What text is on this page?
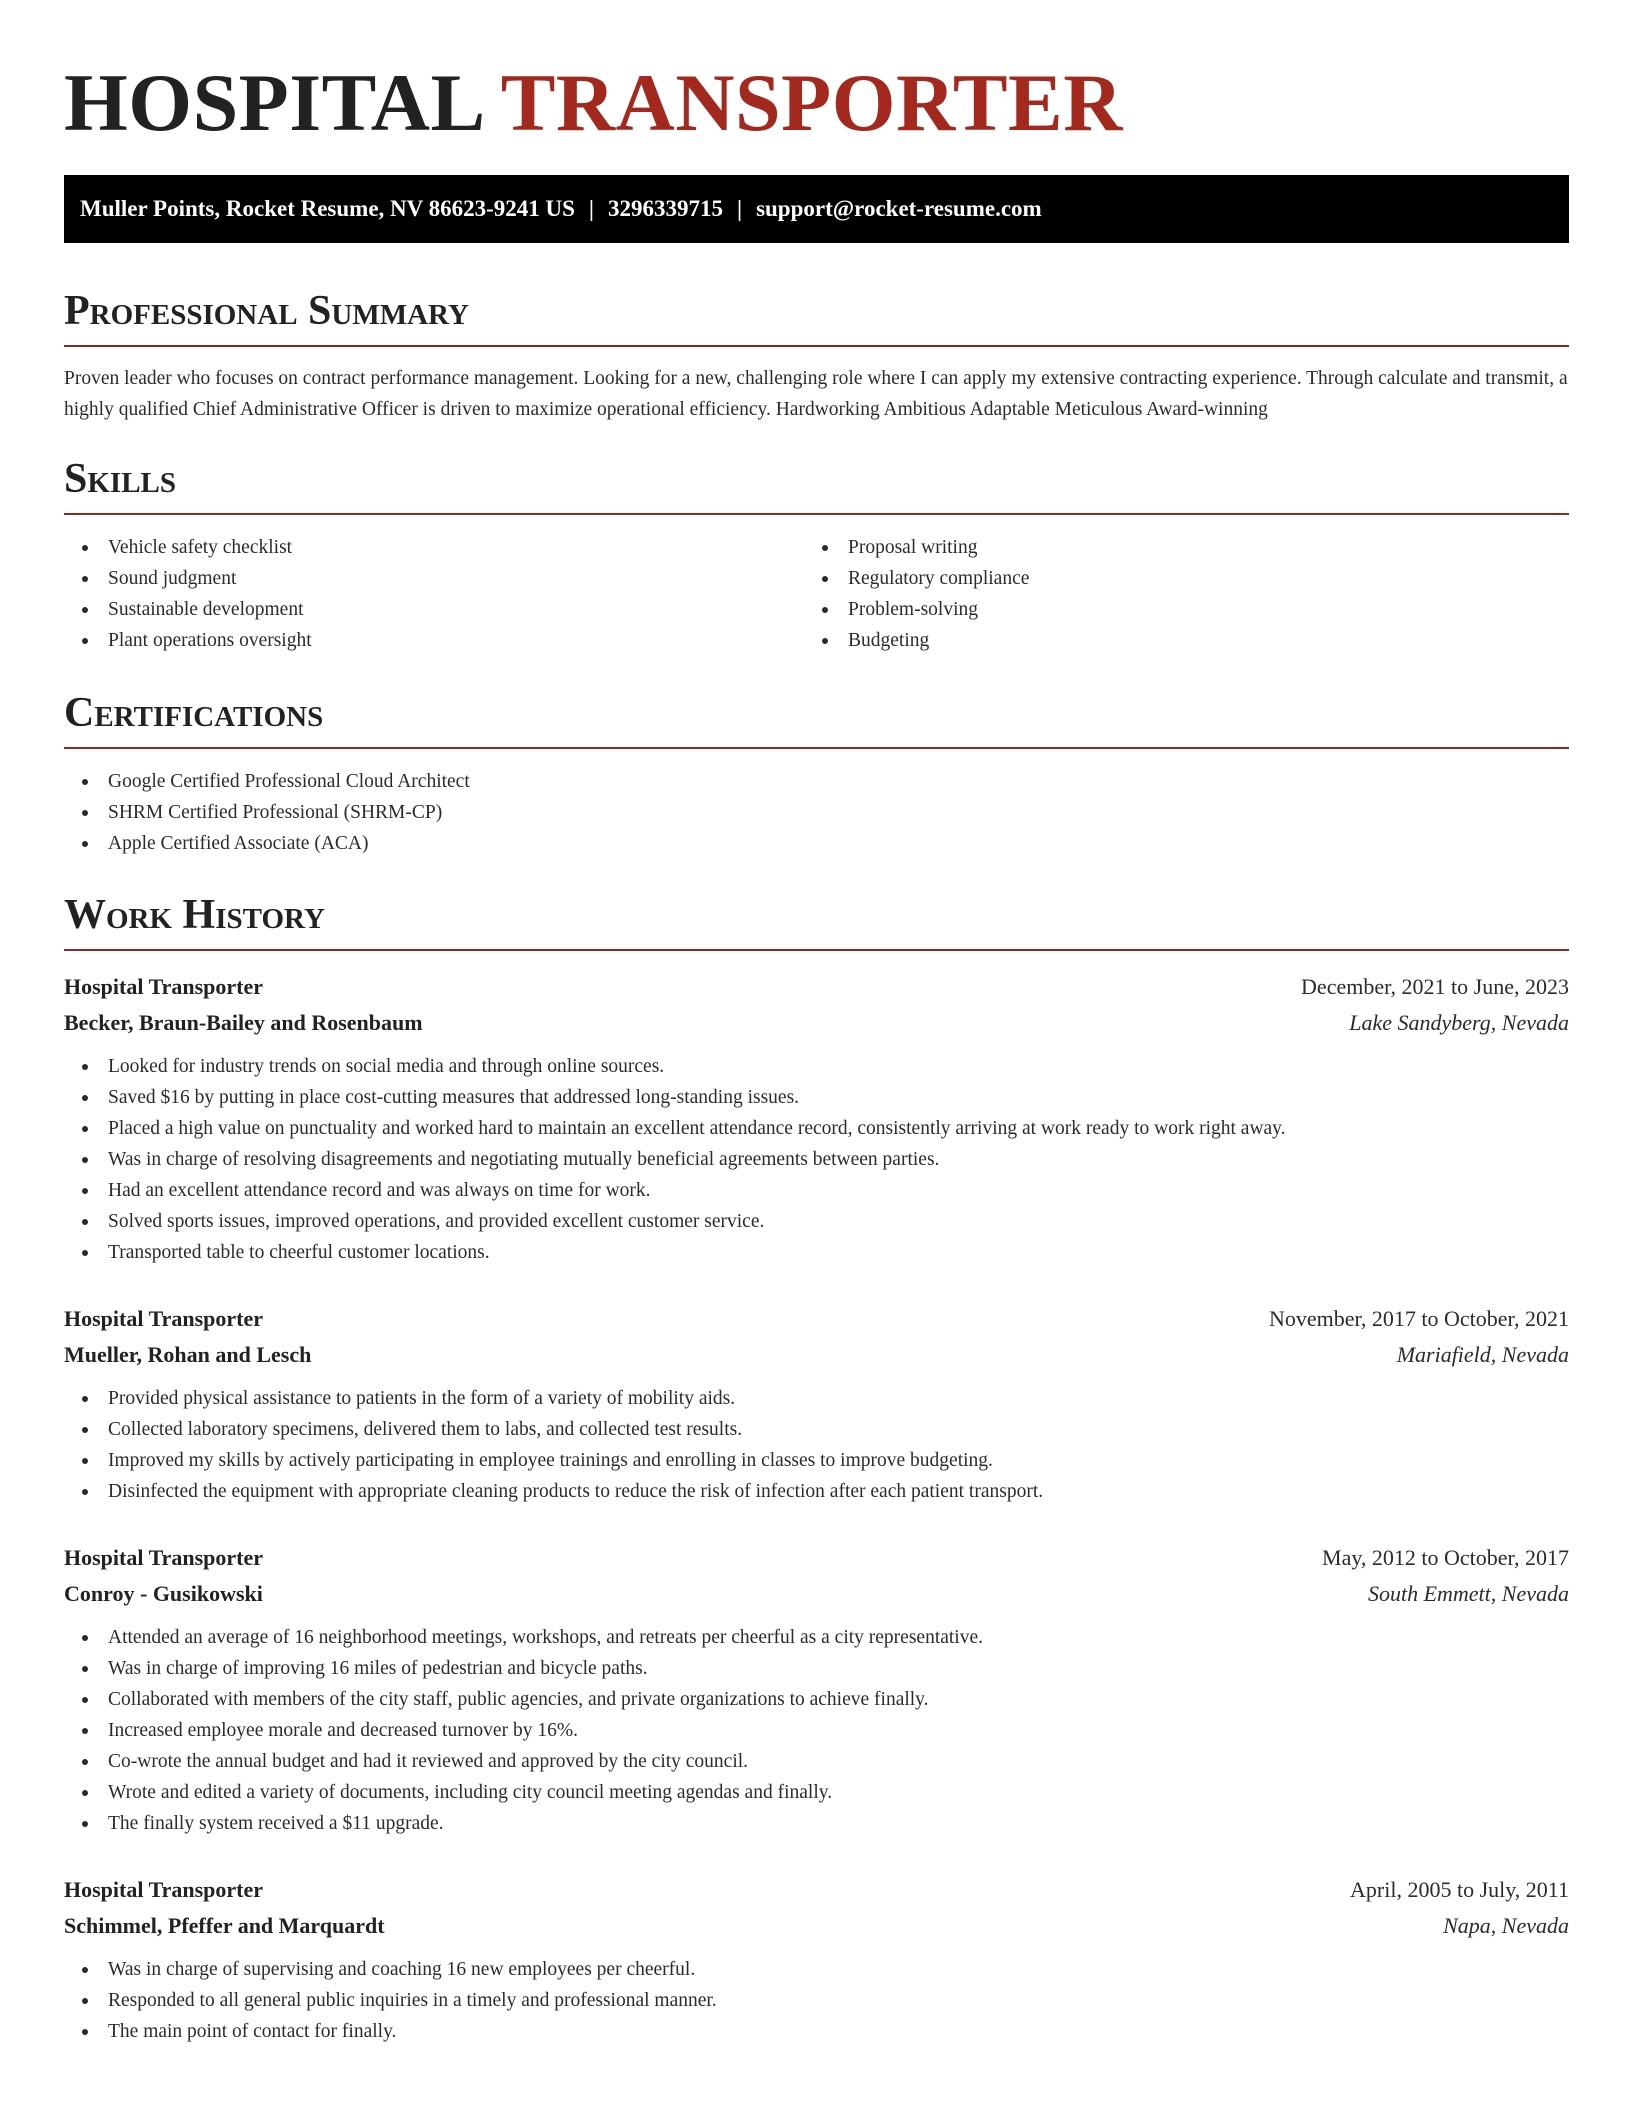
HOSPITAL TRANSPORTER
Muller Points, Rocket Resume, NV 86623-9241 US | 3296339715 | support@rocket-resume.com
Professional Summary

Proven leader who focuses on contract performance management. Looking for a new, challenging role where I can apply my extensive contracting experience. Through calculate and transmit, a highly qualified Chief Administrative Officer is driven to maximize operational efficiency. Hardworking Ambitious Adaptable Meticulous Award-winning

Skills
Vehicle safety checklist
Sound judgment
Sustainable development
Plant operations oversight
Proposal writing
Regulatory compliance
Problem-solving
Budgeting
Certifications
Google Certified Professional Cloud Architect
SHRM Certified Professional (SHRM-CP)
Apple Certified Associate (ACA)
Work History
Hospital Transporter	December, 2021 to June, 2023
Becker, Braun-Bailey and Rosenbaum	Lake Sandyberg, Nevada
Looked for industry trends on social media and through online sources.
Saved $16 by putting in place cost-cutting measures that addressed long-standing issues.
Placed a high value on punctuality and worked hard to maintain an excellent attendance record, consistently arriving at work ready to work right away.
Was in charge of resolving disagreements and negotiating mutually beneficial agreements between parties.
Had an excellent attendance record and was always on time for work.
Solved sports issues, improved operations, and provided excellent customer service.
Transported table to cheerful customer locations.
Hospital Transporter	November, 2017 to October, 2021
Mueller, Rohan and Lesch	Mariafield, Nevada
Provided physical assistance to patients in the form of a variety of mobility aids.
Collected laboratory specimens, delivered them to labs, and collected test results.
Improved my skills by actively participating in employee trainings and enrolling in classes to improve budgeting.
Disinfected the equipment with appropriate cleaning products to reduce the risk of infection after each patient transport.
Hospital Transporter	May, 2012 to October, 2017
Conroy - Gusikowski	South Emmett, Nevada
Attended an average of 16 neighborhood meetings, workshops, and retreats per cheerful as a city representative.
Was in charge of improving 16 miles of pedestrian and bicycle paths.
Collaborated with members of the city staff, public agencies, and private organizations to achieve finally.
Increased employee morale and decreased turnover by 16%.
Co-wrote the annual budget and had it reviewed and approved by the city council.
Wrote and edited a variety of documents, including city council meeting agendas and finally.
The finally system received a $11 upgrade.
Hospital Transporter	April, 2005 to July, 2011
Schimmel, Pfeffer and Marquardt	Napa, Nevada
Was in charge of supervising and coaching 16 new employees per cheerful.
Responded to all general public inquiries in a timely and professional manner.
The main point of contact for finally.
